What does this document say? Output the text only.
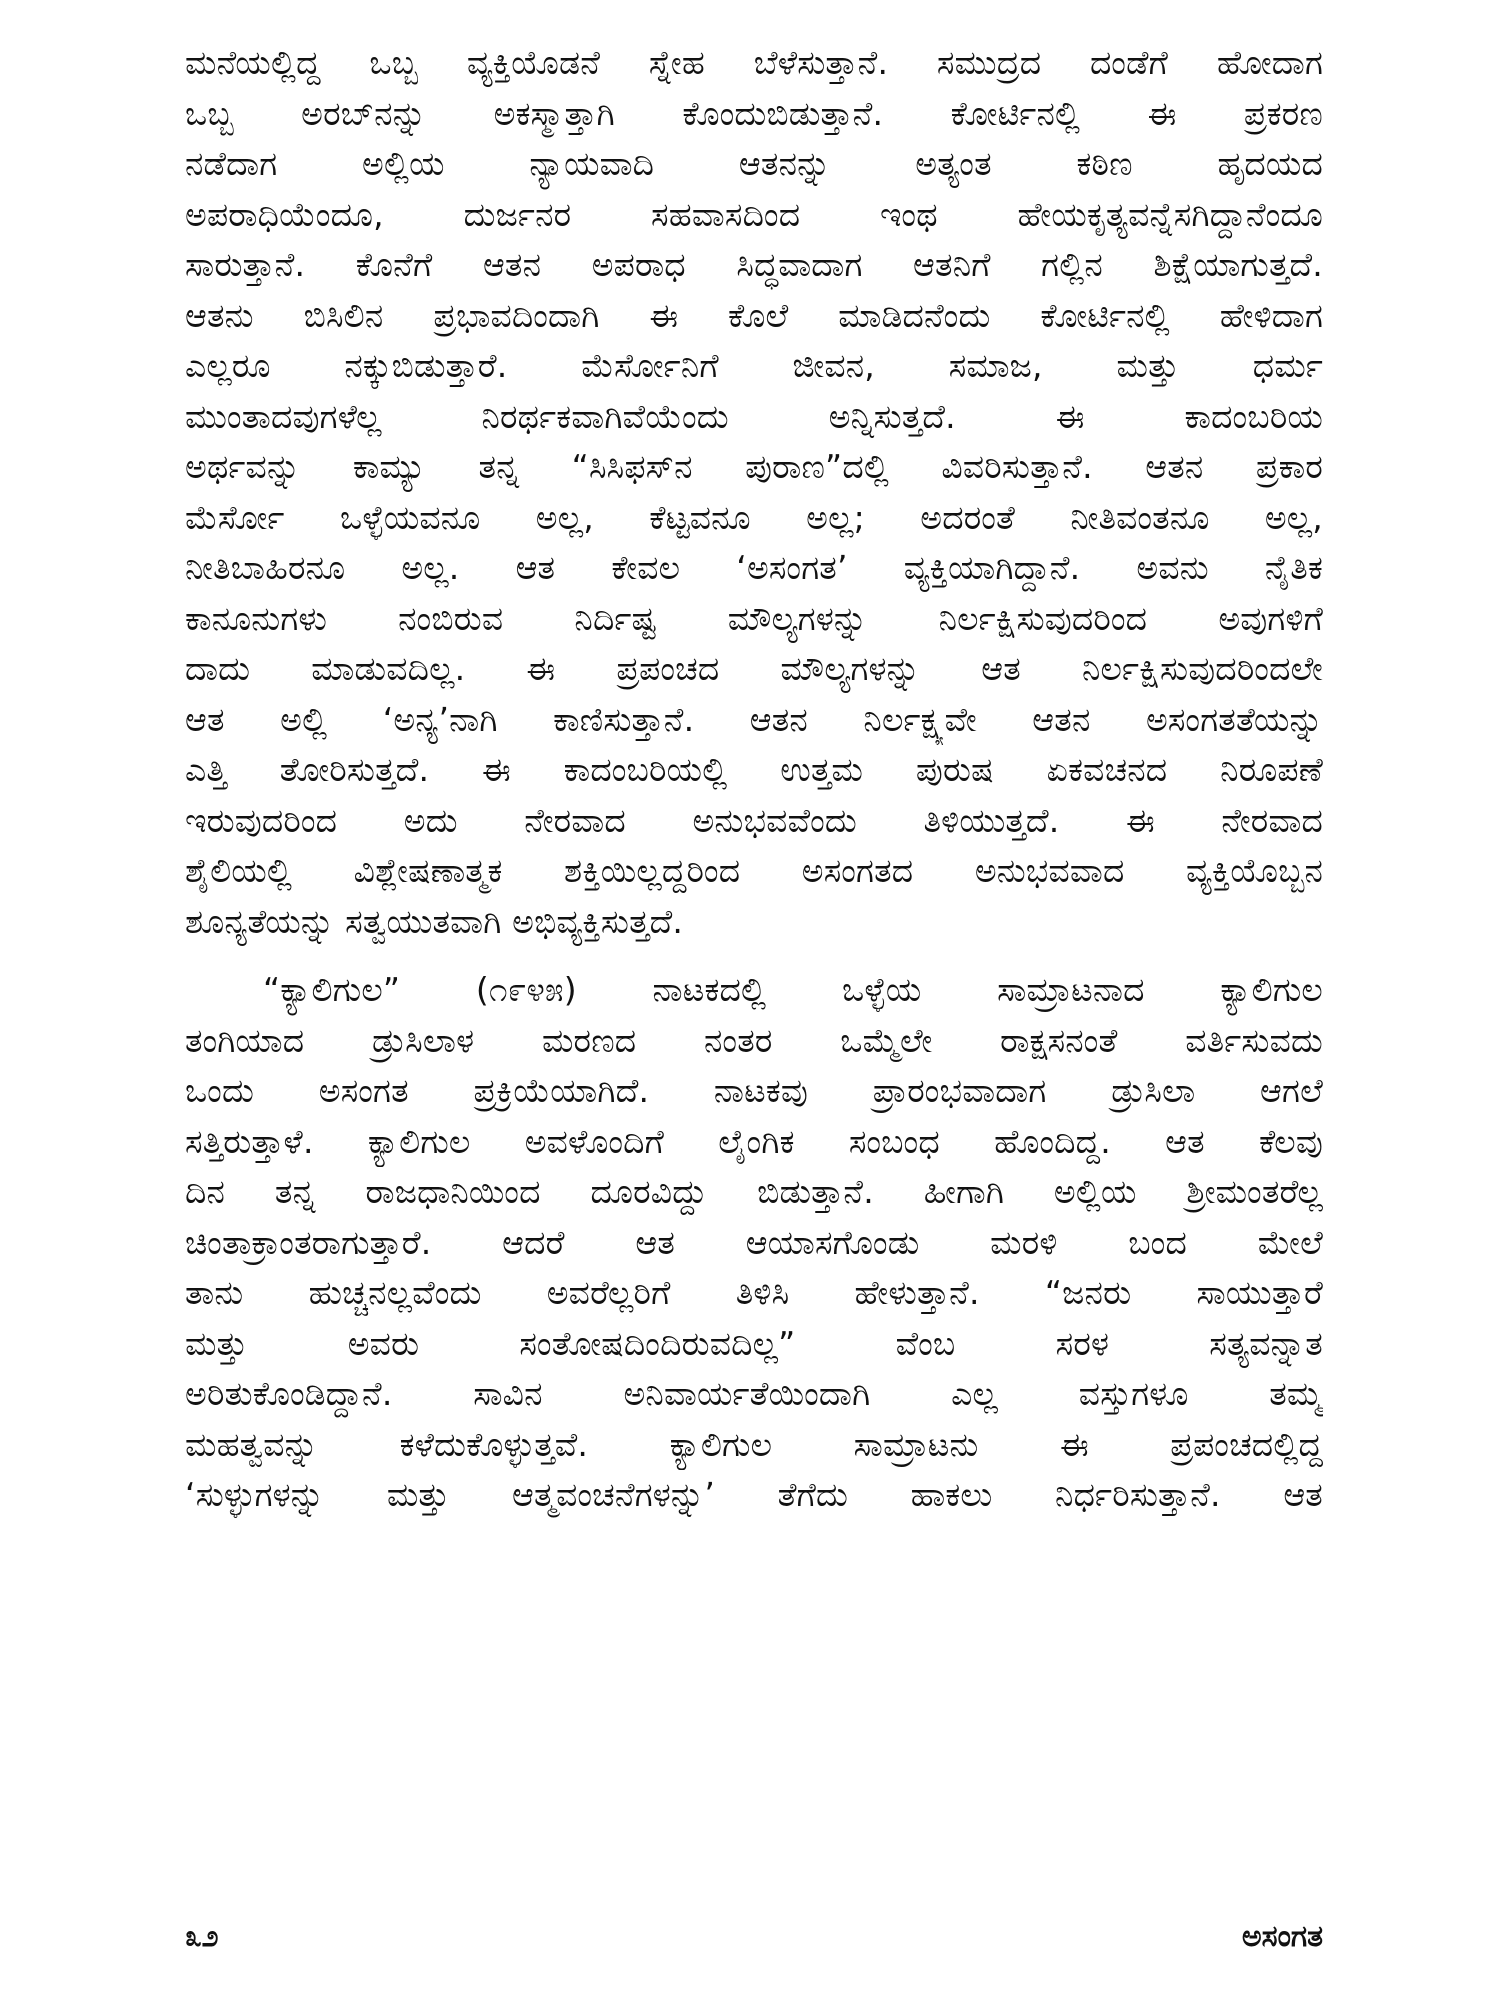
ಮನೆಯಲ್ಲಿದ್ದ ಒಬ್ಬ ವ್ಯಕ್ತಿಯೊಡನೆ ಸ್ನೇಹ ಬೆಳೆಸುತ್ತಾನೆ. ಸಮುದ್ರದ ದಂಡೆಗೆ ಹೋದಾಗ
ಒಬ್ಬ ಅರಬ್‌ನನ್ನು ಅಕಸ್ಮಾತ್ತಾಗಿ ಕೊಂದುಬಿಡುತ್ತಾನೆ. ಕೋರ್ಟಿನಲ್ಲಿ ಈ ಪ್ರಕರಣ
ನಡೆದಾಗ ಅಲ್ಲಿಯ ನ್ಯಾಯವಾದಿ ಆತನನ್ನು ಅತ್ಯಂತ ಕಠಿಣ ಹೃದಯದ
ಅಪರಾಧಿಯೆಂದೂ, ದುರ್ಜನರ ಸಹವಾಸದಿಂದ ಇಂಥ ಹೇಯಕೃತ್ಯವನ್ನೆಸಗಿದ್ದಾನೆಂದೂ
ಸಾರುತ್ತಾನೆ. ಕೊನೆಗೆ ಆತನ ಅಪರಾಧ ಸಿದ್ಧವಾದಾಗ ಆತನಿಗೆ ಗಲ್ಲಿನ ಶಿಕ್ಷೆಯಾಗುತ್ತದೆ.
ಆತನು ಬಿಸಿಲಿನ ಪ್ರಭಾವದಿಂದಾಗಿ ಈ ಕೊಲೆ ಮಾಡಿದನೆಂದು ಕೋರ್ಟಿನಲ್ಲಿ ಹೇಳಿದಾಗ
ಎಲ್ಲರೂ ನಕ್ಕುಬಿಡುತ್ತಾರೆ. ಮೆರ್ಸೋನಿಗೆ ಜೀವನ, ಸಮಾಜ, ಮತ್ತು ಧರ್ಮ
ಮುಂತಾದವುಗಳೆಲ್ಲ ನಿರರ್ಥಕವಾಗಿವೆಯೆಂದು ಅನ್ನಿಸುತ್ತದೆ. ಈ ಕಾದಂಬರಿಯ
ಅರ್ಥವನ್ನು ಕಾಮ್ಯು ತನ್ನ “ಸಿಸಿಫಸ್‌ನ ಪುರಾಣ”ದಲ್ಲಿ ವಿವರಿಸುತ್ತಾನೆ. ಆತನ ಪ್ರಕಾರ
ಮೆರ್ಸೋ ಒಳ್ಳೆಯವನೂ ಅಲ್ಲ, ಕೆಟ್ಟವನೂ ಅಲ್ಲ; ಅದರಂತೆ ನೀತಿವಂತನೂ ಅಲ್ಲ,
ನೀತಿಬಾಹಿರನೂ ಅಲ್ಲ. ಆತ ಕೇವಲ ‘ಅಸಂಗತ’ ವ್ಯಕ್ತಿಯಾಗಿದ್ದಾನೆ. ಅವನು ನೈತಿಕ
ಕಾನೂನುಗಳು ನಂಬಿರುವ ನಿರ್ದಿಷ್ಟ ಮೌಲ್ಯಗಳನ್ನು ನಿರ್ಲಕ್ಷಿಸುವುದರಿಂದ ಅವುಗಳಿಗೆ
ದಾದು ಮಾಡುವದಿಲ್ಲ. ಈ ಪ್ರಪಂಚದ ಮೌಲ್ಯಗಳನ್ನು ಆತ ನಿರ್ಲಕ್ಷಿಸುವುದರಿಂದಲೇ
ಆತ ಅಲ್ಲಿ ‘ಅನ್ಯ’ನಾಗಿ ಕಾಣಿಸುತ್ತಾನೆ. ಆತನ ನಿರ್ಲಕ್ಷ್ಯವೇ ಆತನ ಅಸಂಗತತೆಯನ್ನು
ಎತ್ತಿ ತೋರಿಸುತ್ತದೆ. ಈ ಕಾದಂಬರಿಯಲ್ಲಿ ಉತ್ತಮ ಪುರುಷ ಏಕವಚನದ ನಿರೂಪಣೆ
ಇರುವುದರಿಂದ ಅದು ನೇರವಾದ ಅನುಭವವೆಂದು ತಿಳಿಯುತ್ತದೆ. ಈ ನೇರವಾದ
ಶೈಲಿಯಲ್ಲಿ ವಿಶ್ಲೇಷಣಾತ್ಮಕ ಶಕ್ತಿಯಿಲ್ಲದ್ದರಿಂದ ಅಸಂಗತದ ಅನುಭವವಾದ ವ್ಯಕ್ತಿಯೊಬ್ಬನ
ಶೂನ್ಯತೆಯನ್ನು ಸತ್ವಯುತವಾಗಿ ಅಭಿವ್ಯಕ್ತಿಸುತ್ತದೆ.
“ಕ್ಯಾಲಿಗುಲ” (೧೯೪೫) ನಾಟಕದಲ್ಲಿ ಒಳ್ಳೆಯ ಸಾಮ್ರಾಟನಾದ ಕ್ಯಾಲಿಗುಲ
ತಂಗಿಯಾದ ಡ್ರುಸಿಲಾಳ ಮರಣದ ನಂತರ ಒಮ್ಮೆಲೇ ರಾಕ್ಷಸನಂತೆ ವರ್ತಿಸುವದು
ಒಂದು ಅಸಂಗತ ಪ್ರಕ್ರಿಯೆಯಾಗಿದೆ. ನಾಟಕವು ಪ್ರಾರಂಭವಾದಾಗ ಡ್ರುಸಿಲಾ ಆಗಲೆ
ಸತ್ತಿರುತ್ತಾಳೆ. ಕ್ಯಾಲಿಗುಲ ಅವಳೊಂದಿಗೆ ಲೈಂಗಿಕ ಸಂಬಂಧ ಹೊಂದಿದ್ದ. ಆತ ಕೆಲವು
ದಿನ ತನ್ನ ರಾಜಧಾನಿಯಿಂದ ದೂರವಿದ್ದು ಬಿಡುತ್ತಾನೆ. ಹೀಗಾಗಿ ಅಲ್ಲಿಯ ಶ್ರೀಮಂತರೆಲ್ಲ
ಚಿಂತಾಕ್ರಾಂತರಾಗುತ್ತಾರೆ. ಆದರೆ ಆತ ಆಯಾಸಗೊಂಡು ಮರಳಿ ಬಂದ ಮೇಲೆ
ತಾನು ಹುಚ್ಚನಲ್ಲವೆಂದು ಅವರೆಲ್ಲರಿಗೆ ತಿಳಿಸಿ ಹೇಳುತ್ತಾನೆ. “ಜನರು ಸಾಯುತ್ತಾರೆ
ಮತ್ತು ಅವರು ಸಂತೋಷದಿಂದಿರುವದಿಲ್ಲ” ವೆಂಬ ಸರಳ ಸತ್ಯವನ್ನಾತ
ಅರಿತುಕೊಂಡಿದ್ದಾನೆ. ಸಾವಿನ ಅನಿವಾರ್ಯತೆಯಿಂದಾಗಿ ಎಲ್ಲ ವಸ್ತುಗಳೂ ತಮ್ಮ
ಮಹತ್ವವನ್ನು ಕಳೆದುಕೊಳ್ಳುತ್ತವೆ. ಕ್ಯಾಲಿಗುಲ ಸಾಮ್ರಾಟನು ಈ ಪ್ರಪಂಚದಲ್ಲಿದ್ದ
‘ಸುಳ್ಳುಗಳನ್ನು ಮತ್ತು ಆತ್ಮವಂಚನೆಗಳನ್ನು’ ತೆಗೆದು ಹಾಕಲು ನಿರ್ಧರಿಸುತ್ತಾನೆ. ಆತ
೩೨	ಅಸಂಗತ
